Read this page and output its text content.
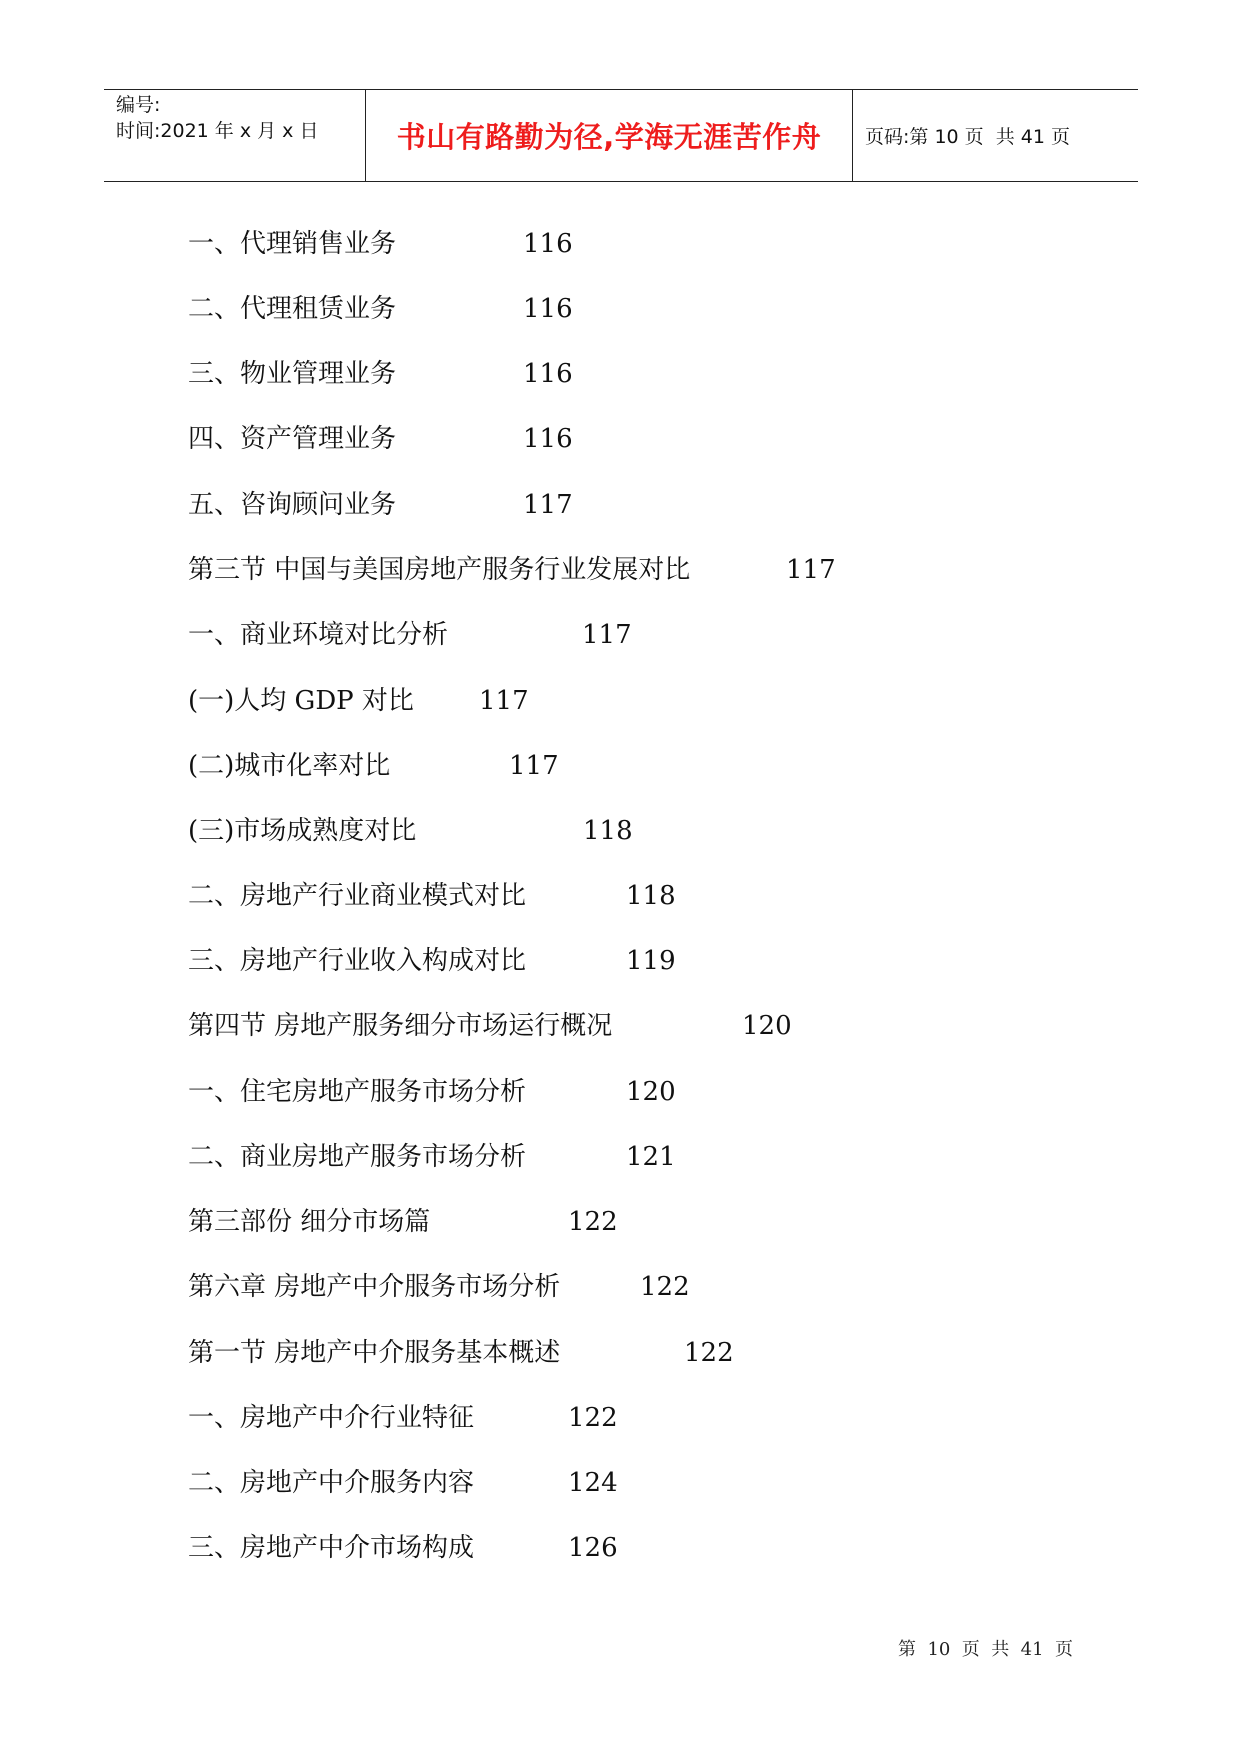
编号:
时间:2021 年 x 月 x 日	书山有路勤为径,学海无涯苦作舟	页码:第 10 页  共 41 页
一、代理销售业务	116
二、代理租赁业务	116
三、物业管理业务	116
四、资产管理业务	116
五、咨询顾问业务	117
第三节 中国与美国房地产服务行业发展对比	117
一、商业环境对比分析	117
(一)人均 GDP 对比	117
(二)城市化率对比	117
(三)市场成熟度对比	118
二、房地产行业商业模式对比	118
三、房地产行业收入构成对比	119
第四节 房地产服务细分市场运行概况	120
一、住宅房地产服务市场分析	120
二、商业房地产服务市场分析	121
第三部份 细分市场篇	122
第六章 房地产中介服务市场分析	122
第一节 房地产中介服务基本概述	122
一、房地产中介行业特征	122
二、房地产中介服务内容	124
三、房地产中介市场构成	126
第  10  页  共  41  页
